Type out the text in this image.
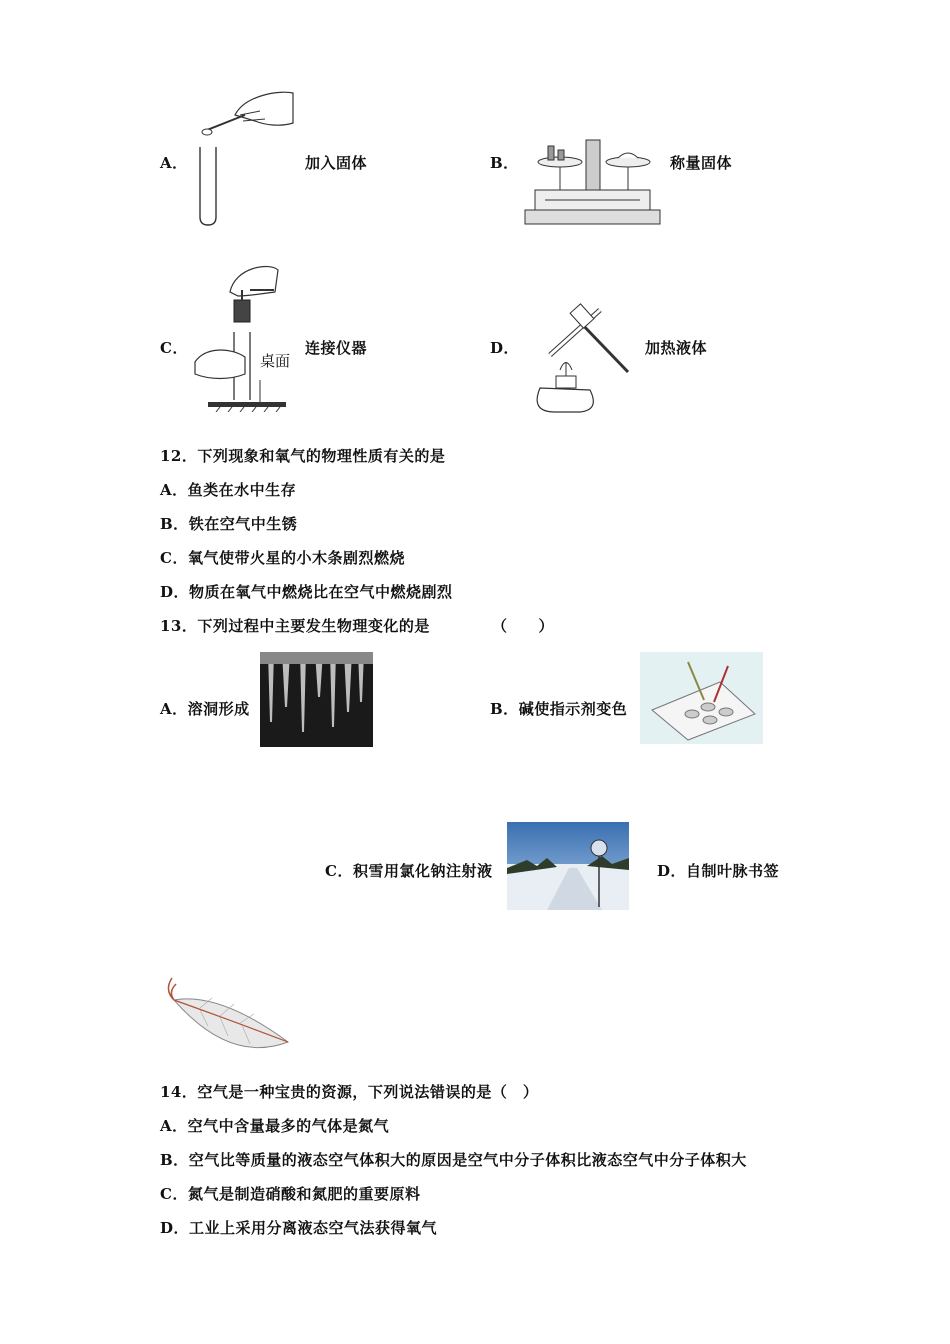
A．	加入固体	B．	称量固体
C．
桌面
连接仪器	D．	加热液体
12．下列现象和氧气的物理性质有关的是
A．鱼类在水中生存
B．铁在空气中生锈
C．氧气使带火星的小木条剧烈燃烧
D．物质在氧气中燃烧比在空气中燃烧剧烈
13．下列过程中主要发生物理变化的是	（　　）
A．溶洞形成	B．碱使指示剂变色
C．积雪用氯化钠注射液	D．自制叶脉书签
14．空气是一种宝贵的资源，下列说法错误的是（　）
A．空气中含量最多的气体是氮气
B．空气比等质量的液态空气体积大的原因是空气中分子体积比液态空气中分子体积大
C．氮气是制造硝酸和氮肥的重要原料
D．工业上采用分离液态空气法获得氧气
